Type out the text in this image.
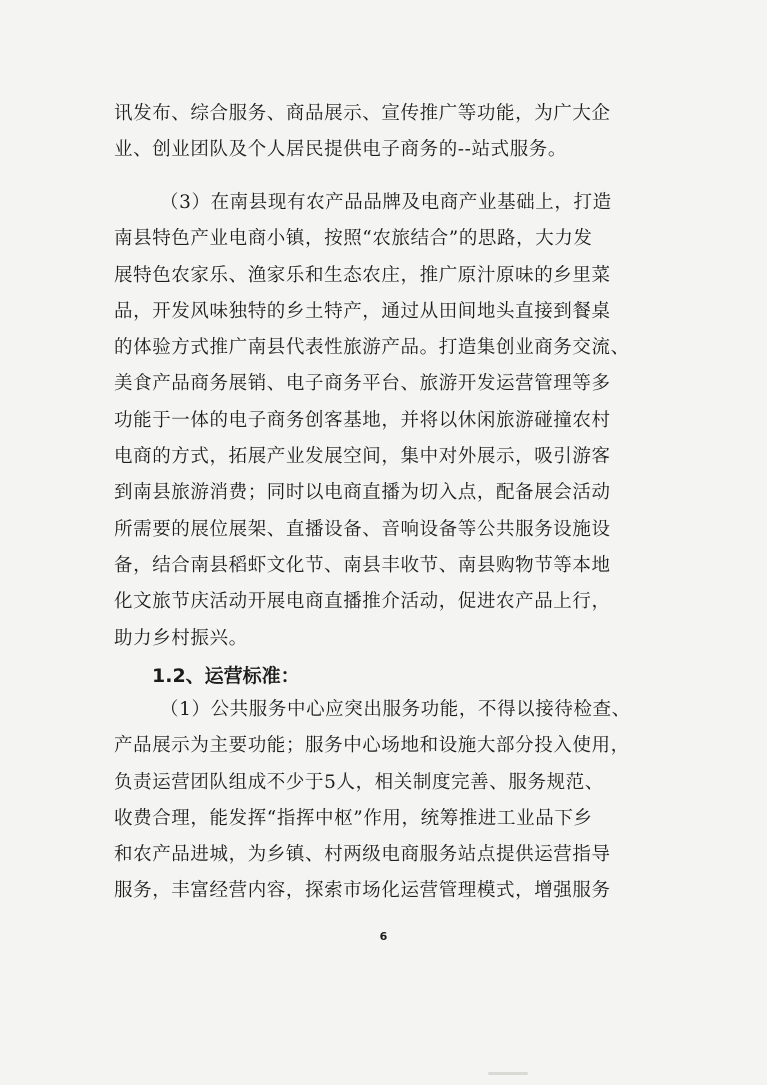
讯发布、综合服务、商品展示、宣传推广等功能，为广大企
业、创业团队及个人居民提供电子商务的--站式服务。

（3）在南县现有农产品品牌及电商产业基础上，打造
南县特色产业电商小镇，按照“农旅结合”的思路，大力发
展特色农家乐、渔家乐和生态农庄，推广原汁原味的乡里菜
品，开发风味独特的乡土特产，通过从田间地头直接到餐桌
的体验方式推广南县代表性旅游产品。打造集创业商务交流、
美食产品商务展销、电子商务平台、旅游开发运营管理等多
功能于一体的电子商务创客基地，并将以休闲旅游碰撞农村
电商的方式，拓展产业发展空间，集中对外展示，吸引游客
到南县旅游消费；同时以电商直播为切入点，配备展会活动
所需要的展位展架、直播设备、音响设备等公共服务设施设
备，结合南县稻虾文化节、南县丰收节、南县购物节等本地
化文旅节庆活动开展电商直播推介活动，促进农产品上行，
助力乡村振兴。

1.2、运营标准：

（1）公共服务中心应突出服务功能，不得以接待检查、
产品展示为主要功能；服务中心场地和设施大部分投入使用，
负责运营团队组成不少于5人，相关制度完善、服务规范、
收费合理，能发挥“指挥中枢”作用，统筹推进工业品下乡
和农产品进城，为乡镇、村两级电商服务站点提供运营指导
服务，丰富经营内容，探索市场化运营管理模式，增强服务

6
